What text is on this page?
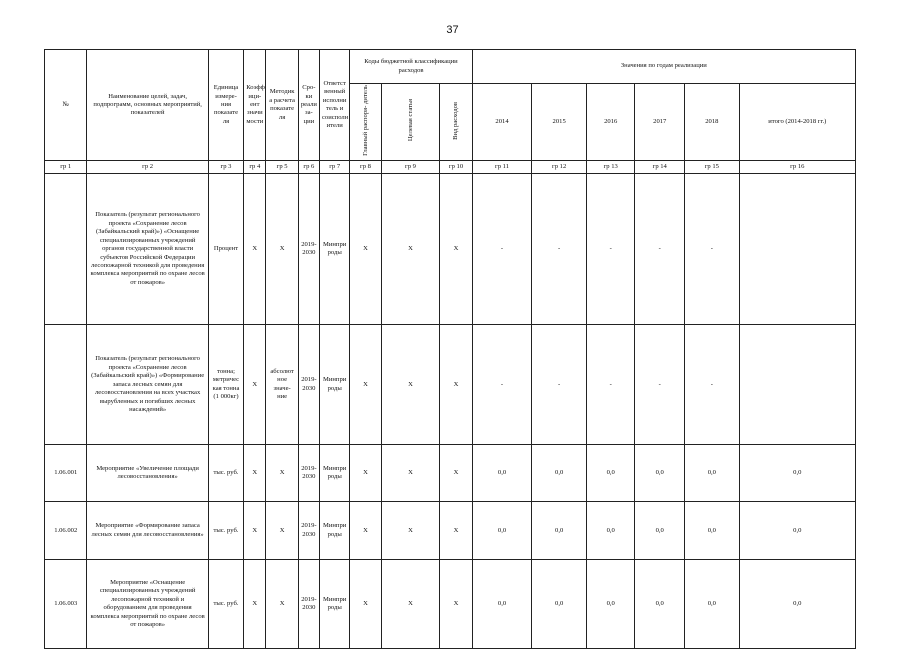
37
№	Наименование целей, задач, подпрограмм, основных мероприятий, показателей	Единица измере- ния показате ля	Коэфф ици- ент значи мости	Методик а расчета показате ля	Сро- ки реали за- ции	Ответст венный исполни тель и соисполн ители	Коды бюджетной классификации расходов			Значения по годам реализации					
							Главный распоря- дитель	Целевая статья	Вид расходов	2014	2015	2016	2017	2018	итого (2014-2018 гг.)
гр 1	гр 2	гр 3	гр 4	гр 5	гр 6	гр 7	гр 8	гр 9	гр 10	гр 11	гр 12	гр 13	гр 14	гр 15	гр 16
	Показатель (результат регионального проекта «Сохранение лесов (Забайкальский край)») «Оснащение специализированных учреждений органов государственной власти субъектов Российской Федерации лесопожарной техникой для проведения комплекса мероприятий по охране лесов от пожаров»	Процент	Х	Х	2019-2030	Минпри роды	Х	Х	Х	-	-	-	-	-	
	Показатель (результат регионального проекта «Сохранение лесов (Забайкальский край)») «Формирование запаса лесных семян для лесовосстановления на всех участках вырубленных и погибших лесных насаждений»	тонна; метричес кая тонна (1 000кг)	Х	абсолют ное значе- ние	2019-2030	Минпри роды	Х	Х	Х	-	-	-	-	-	
1.06.001	Мероприятие «Увеличение площади лесовосстановления»	тыс. руб.	Х	Х	2019-2030	Минпри роды	Х	Х	Х	0,0	0,0	0,0	0,0	0,0	0,0
1.06.002	Мероприятие «Формирование запаса лесных семян для лесовосстановления»	тыс. руб.	Х	Х	2019-2030	Минпри роды	Х	Х	Х	0,0	0,0	0,0	0,0	0,0	0,0
1.06.003	Мероприятие «Оснащение специализированных учреждений лесопожарной техникой и оборудованием для проведения комплекса мероприятий по охране лесов от пожаров»	тыс. руб.	Х	Х	2019-2030	Минпри роды	Х	Х	Х	0,0	0,0	0,0	0,0	0,0	0,0
